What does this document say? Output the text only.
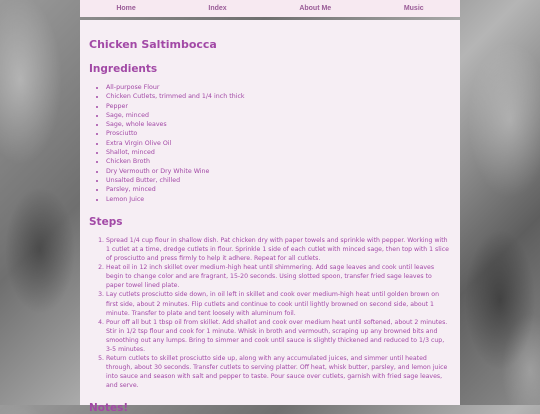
Home	Index	About Me	Music
Chicken Saltimbocca
Ingredients
• All-purpose Flour
• Chicken Cutlets, trimmed and 1/4 inch thick
• Pepper
• Sage, minced
• Sage, whole leaves
• Prosciutto
• Extra Virgin Olive Oil
• Shallot, minced
• Chicken Broth
• Dry Vermouth or Dry White Wine
• Unsalted Butter, chilled
• Parsley, minced
• Lemon Juice
Steps
1. Spread 1/4 cup flour in shallow dish. Pat chicken dry with paper towels and sprinkle with pepper. Working with 1 cutlet at a time, dredge cutlets in flour. Sprinkle 1 side of each cutlet with minced sage, then top with 1 slice of prosciutto and press firmly to help it adhere. Repeat for all cutlets.
2. Heat oil in 12 inch skillet over medium-high heat until shimmering. Add sage leaves and cook until leaves begin to change color and are fragrant, 15-20 seconds. Using slotted spoon, transfer fried sage leaves to paper towel lined plate.
3. Lay cutlets prosciutto side down, in oil left in skillet and cook over medium-high heat until golden brown on first side, about 2 minutes. Flip cutlets and continue to cook until lightly browned on second side, about 1 minute. Transfer to plate and tent loosely with aluminum foil.
4. Pour off all but 1 tbsp oil from skillet. Add shallot and cook over medium heat until softened, about 2 minutes. Stir in 1/2 tsp flour and cook for 1 minute. Whisk in broth and vermouth, scraping up any browned bits and smoothing out any lumps. Bring to simmer and cook until sauce is slightly thickened and reduced to 1/3 cup, 3-5 minutes.
5. Return cutlets to skillet prosciutto side up, along with any accumulated juices, and simmer until heated through, about 30 seconds. Transfer cutlets to serving platter. Off heat, whisk butter, parsley, and lemon juice into sauce and season with salt and pepper to taste. Pour sauce over cutlets, garnish with fried sage leaves, and serve.
Notes!
